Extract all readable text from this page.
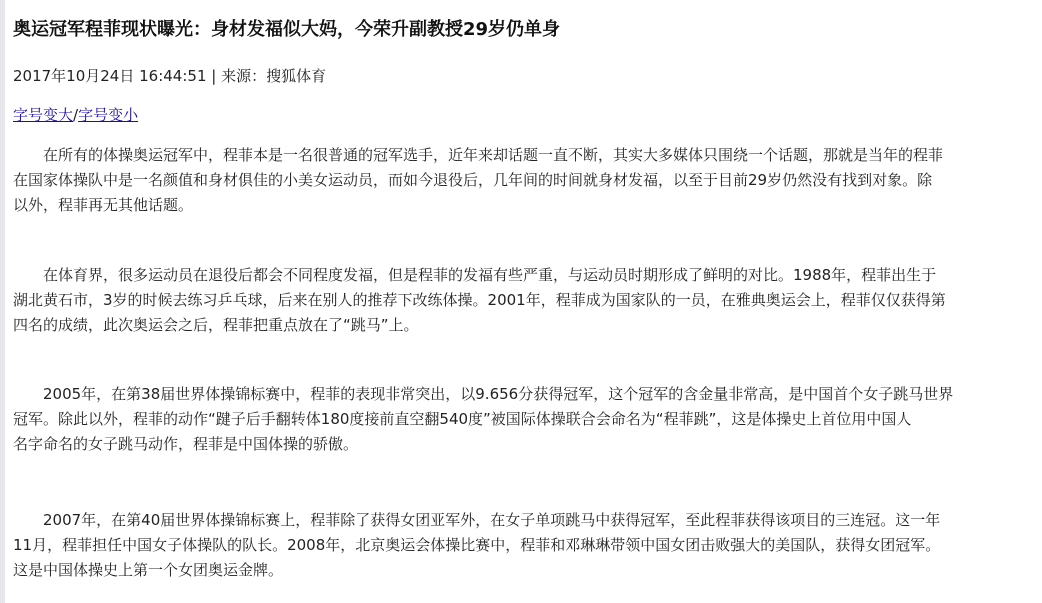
奥运冠军程菲现状曝光：身材发福似大妈，今荣升副教授29岁仍单身
2017年10月24日 16:44:51 | 来源：搜狐体育
字号变大/字号变小

　　在所有的体操奥运冠军中，程菲本是一名很普通的冠军选手，近年来却话题一直不断，其实大多媒体只围绕一个话题，那就是当年的程菲
在国家体操队中是一名颜值和身材俱佳的小美女运动员，而如今退役后，几年间的时间就身材发福，以至于目前29岁仍然没有找到对象。除
以外，程菲再无其他话题。

　　在体育界，很多运动员在退役后都会不同程度发福，但是程菲的发福有些严重，与运动员时期形成了鲜明的对比。1988年，程菲出生于
湖北黄石市，3岁的时候去练习乒乓球，后来在别人的推荐下改练体操。2001年，程菲成为国家队的一员，在雅典奥运会上，程菲仅仅获得第
四名的成绩，此次奥运会之后，程菲把重点放在了“跳马”上。

　　2005年，在第38届世界体操锦标赛中，程菲的表现非常突出，以9.656分获得冠军，这个冠军的含金量非常高，是中国首个女子跳马世界
冠军。除此以外，程菲的动作“踺子后手翻转体180度接前直空翻540度”被国际体操联合会命名为“程菲跳”，这是体操史上首位用中国人
名字命名的女子跳马动作，程菲是中国体操的骄傲。

　　2007年，在第40届世界体操锦标赛上，程菲除了获得女团亚军外，在女子单项跳马中获得冠军，至此程菲获得该项目的三连冠。这一年
11月，程菲担任中国女子体操队的队长。2008年，北京奥运会体操比赛中，程菲和邓琳琳带领中国女团击败强大的美国队，获得女团冠军。
这是中国体操史上第一个女团奥运金牌。
